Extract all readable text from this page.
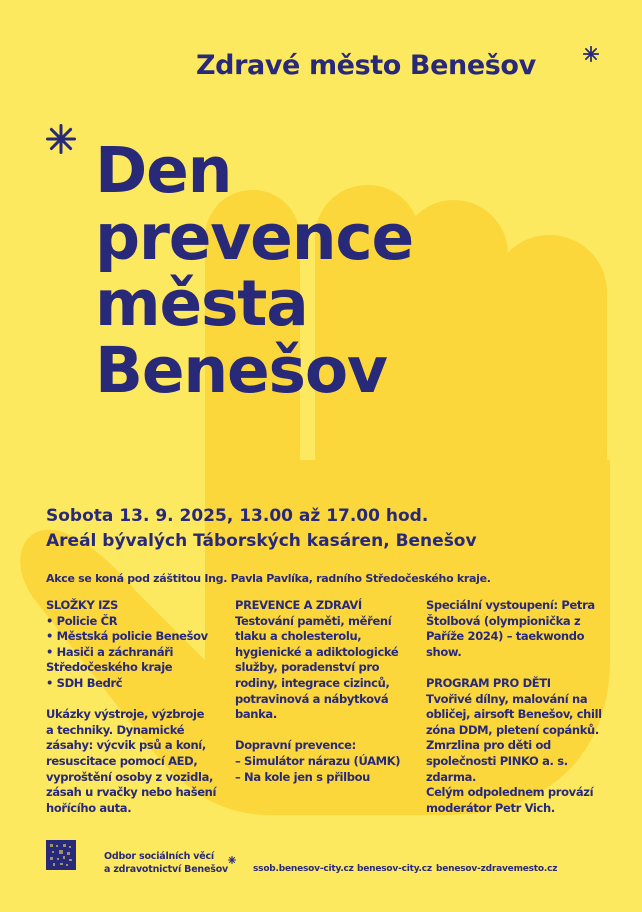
Zdravé město Benešov
Den
prevence
města
Benešov
Sobota 13. 9. 2025, 13.00 až 17.00 hod.
Areál bývalých Táborských kasáren, Benešov
Akce se koná pod záštitou Ing. Pavla Pavlíka, radního Středočeského kraje.

SLOŽKY IZS
• Policie ČR
• Městská policie Benešov
• Hasiči a záchranáři
Středočeského kraje
• SDH Bedrč

Ukázky výstroje, výzbroje
a techniky. Dynamické
zásahy: výcvik psů a koní,
resuscitace pomocí AED,
vyproštění osoby z vozidla,
zásah u rvačky nebo hašení
hořícího auta.

PREVENCE A ZDRAVÍ
Testování paměti, měření
tlaku a cholesterolu,
hygienické a adiktologické
služby, poradenství pro
rodiny, integrace cizinců,
potravinová a nábytková
banka.

Dopravní prevence:
– Simulátor nárazu (ÚAMK)
– Na kole jen s přilbou

Speciální vystoupení: Petra
Štolbová (olympionička z
Paříže 2024) – taekwondo
show.

PROGRAM PRO DĚTI
Tvořivé dílny, malování na
obličej, airsoft Benešov, chill
zóna DDM, pletení copánků.
Zmrzlina pro děti od
společnosti PINKO a. s.
zdarma.
Celým odpolednem provází
moderátor Petr Vich.

Odbor sociálních věcí
a zdravotnictví Benešov	ssob.benesov-city.cz benesov-city.cz benesov-zdravemesto.cz
